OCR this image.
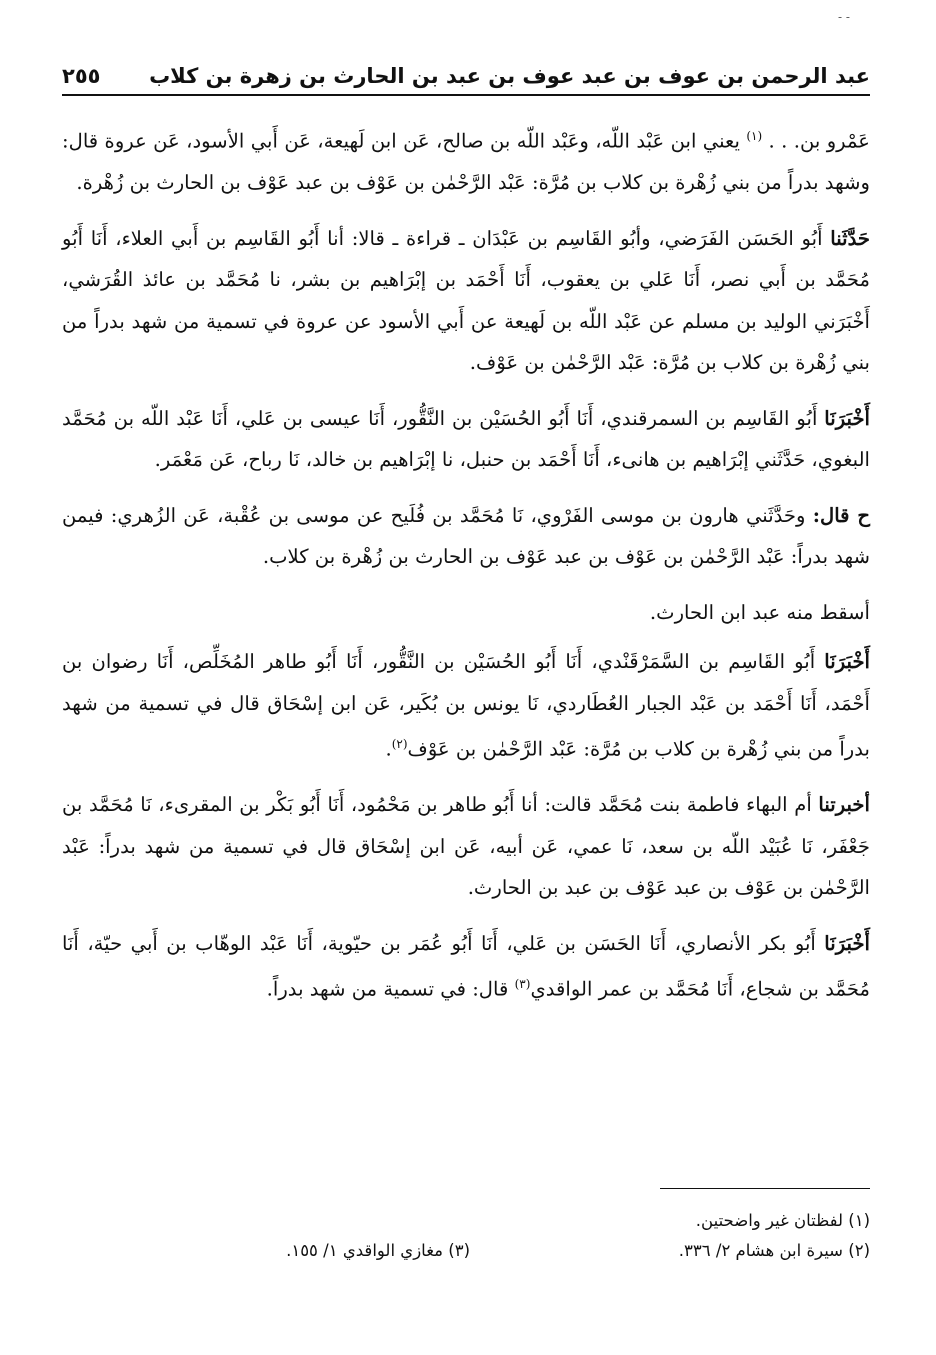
- -
عبد الرحمن بن عوف بن عبد عوف بن عبد بن الحارث بن زهرة بن كلاب
٢٥٥

عَمْرو بن. . . $^{(١)}$ يعني ابن عَبْد اللّه، وعَبْد اللّه بن صالح، عَن ابن لَهيعة، عَن أَبي الأسود، عَن عروة قال: وشهد بدراً من بني زُهْرة بن كلاب بن مُرَّة: عَبْد الرَّحْمٰن بن عَوْف بن عبد عَوْف بن الحارث بن زُهْرة.

حَدَّثَنا أَبُو الحَسَن الفَرَضي، وأبُو القَاسِم بن عَبْدَان ـ قراءة ـ قالا: أنا أَبُو القَاسِم بن أَبي العلاء، أَنَا أَبُو مُحَمَّد بن أَبي نصر، أَنَا عَلي بن يعقوب، أَنَا أَحْمَد بن إبْرَاهيم بن بشر، نا مُحَمَّد بن عائذ القُرَشي، أَخْبَرَني الوليد بن مسلم عن عَبْد اللّه بن لَهيعة عن أَبي الأسود عن عروة في تسمية من شهد بدراً من بني زُهْرة بن كلاب بن مُرَّة: عَبْد الرَّحْمٰن بن عَوْف.

أَخْبَرَنَا أَبُو القَاسِم بن السمرقندي، أَنَا أَبُو الحُسَيْن بن النَّقُّور، أَنَا عيسى بن عَلي، أَنَا عَبْد اللّه بن مُحَمَّد البغوي، حَدَّثَني إبْرَاهيم بن هانىء، أَنَا أَحْمَد بن حنبل، نا إبْرَاهيم بن خالد، نَا رباح، عَن مَعْمَر.

ح قال: وحَدَّثَني هارون بن موسى الفَرْوي، نَا مُحَمَّد بن فُلَيح عن موسى بن عُقْبة، عَن الزُهري: فيمن شهد بدراً: عَبْد الرَّحْمٰن بن عَوْف بن عبد عَوْف بن الحارث بن زُهْرة بن كلاب.

أسقط منه عبد ابن الحارث.

أَخْبَرَنَا أَبُو القَاسِم بن السَّمَرْقَنْدي، أَنَا أَبُو الحُسَيْن بن النَّقُّور، أَنَا أَبُو طاهر المُخَلِّص، أَنَا رضوان بن أَحْمَد، أَنَا أَحْمَد بن عَبْد الجبار العُطَاردي، نَا يونس بن بُكَير، عَن ابن إسْحَاق قال في تسمية من شهد بدراً من بني زُهْرة بن كلاب بن مُرَّة: عَبْد الرَّحْمٰن بن عَوْف$^{(٢)}$.

أخبرتنا أم البهاء فاطمة بنت مُحَمَّد قالت: أنا أَبُو طاهر بن مَحْمُود، أَنَا أَبُو بَكْر بن المقرىء، نَا مُحَمَّد بن جَعْفَر، نَا عُبَيْد اللّه بن سعد، نَا عمي، عَن أبيه، عَن ابن إسْحَاق قال في تسمية من شهد بدراً: عَبْد الرَّحْمٰن بن عَوْف بن عبد عَوْف بن عبد بن الحارث.

أَخْبَرَنَا أَبُو بكر الأنصاري، أَنَا الحَسَن بن عَلي، أَنَا أَبُو عُمَر بن حيّوية، أَنَا عَبْد الوهّاب بن أَبي حيّة، أَنَا مُحَمَّد بن شجاع، أَنَا مُحَمَّد بن عمر الواقدي$^{(٣)}$ قال: في تسمية من شهد بدراً.

(١) لفظتان غير واضحتين.
(٢) سيرة ابن هشام ٢/ ٣٣٦.
(٣) مغازي الواقدي ١/ ١٥٥.
